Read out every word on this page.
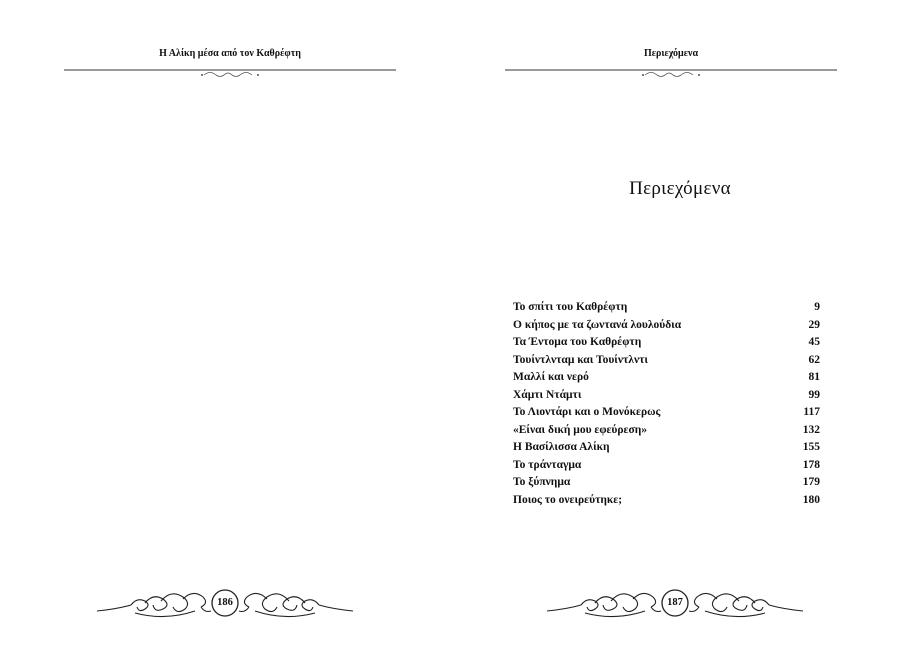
Η Αλίκη μέσα από τον Καθρέφτη
186
Περιεχόμενα
Περιεχόμενα
Το σπίτι του Καθρέφτη	9
Ο κήπος με τα ζωντανά λουλούδια	29
Τα Έντομα του Καθρέφτη	45
Τουίντλνταμ και Τουίντλντι	62
Μαλλί και νερό	81
Χάμτι Ντάμτι	99
Το Λιοντάρι και ο Μονόκερως	117
«Είναι δική μου εφεύρεση»	132
Η Βασίλισσα Αλίκη	155
Το τράνταγμα	178
Το ξύπνημα	179
Ποιος το ονειρεύτηκε;	180
187
